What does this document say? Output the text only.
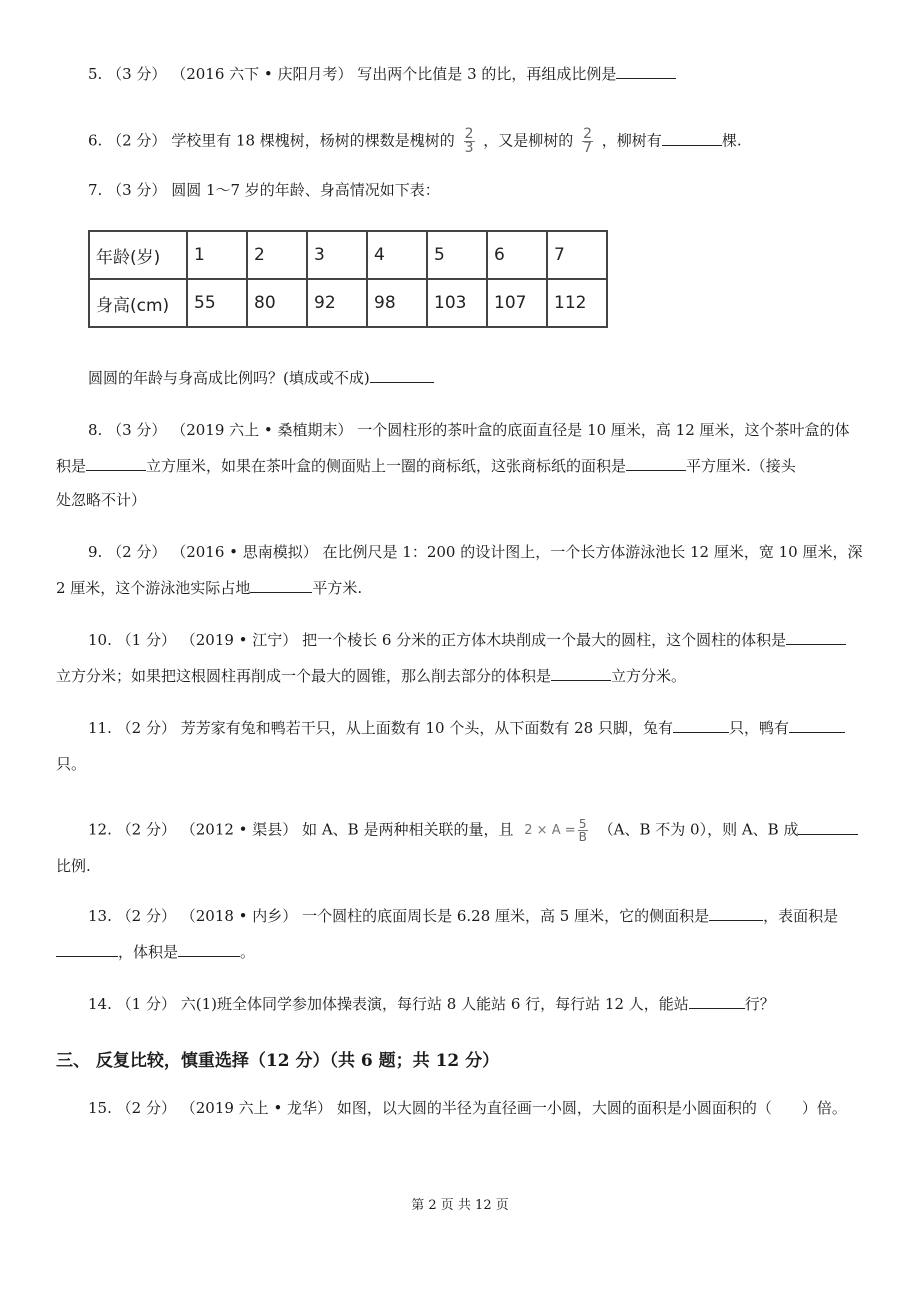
5. （3 分） （2016 六下 • 庆阳月考） 写出两个比值是 3 的比，再组成比例是
6. （2 分） 学校里有 18 棵槐树，杨树的棵数是槐树的 $\frac{2}{3}$ ，又是柳树的 $\frac{2}{7}$ ，柳树有	棵.
7. （3 分） 圆圆 1～7 岁的年龄、身高情况如下表：
年龄(岁)	1	2	3	4	5	6	7
身高(cm)	55	80	92	98	103	107	112
圆圆的年龄与身高成比例吗？(填成或不成)
8. （3 分） （2019 六上 • 桑植期末） 一个圆柱形的茶叶盒的底面直径是 10 厘米，高 12 厘米，这个茶叶盒的体
积是	立方厘米，如果在茶叶盒的侧面贴上一圈的商标纸，这张商标纸的面积是	平方厘米.（接头
处忽略不计）
9. （2 分） （2016 • 思南模拟） 在比例尺是 1：200 的设计图上，一个长方体游泳池长 12 厘米，宽 10 厘米，深
2 厘米，这个游泳池实际占地	平方米.
10. （1 分） （2019 • 江宁） 把一个棱长 6 分米的正方体木块削成一个最大的圆柱，这个圆柱的体积是
立方分米；如果把这根圆柱再削成一个最大的圆锥，那么削去部分的体积是	立方分米。
11. （2 分） 芳芳家有兔和鸭若干只，从上面数有 10 个头，从下面数有 28 只脚，兔有	只，鸭有
只。
12. （2 分） （2012 • 渠县） 如 A、B 是两种相关联的量，且 $2 \times A = \frac{5}{B} (A$、B 不为 0），则 A、B 成
比例.
13. （2 分） （2018 • 内乡） 一个圆柱的底面周长是 6.28 厘米，高 5 厘米，它的侧面积是	，表面积是
，体积是	。
14. （1 分） 六(1)班全体同学参加体操表演，每行站 8 人能站 6 行，每行站 12 人，能站	行？
三、 反复比较，慎重选择（12 分）（共 6 题；共 12 分）
15. （2 分） （2019 六上 • 龙华） 如图，以大圆的半径为直径画一小圆，大圆的面积是小圆面积的（　　）倍。
第 2 页 共 12 页
